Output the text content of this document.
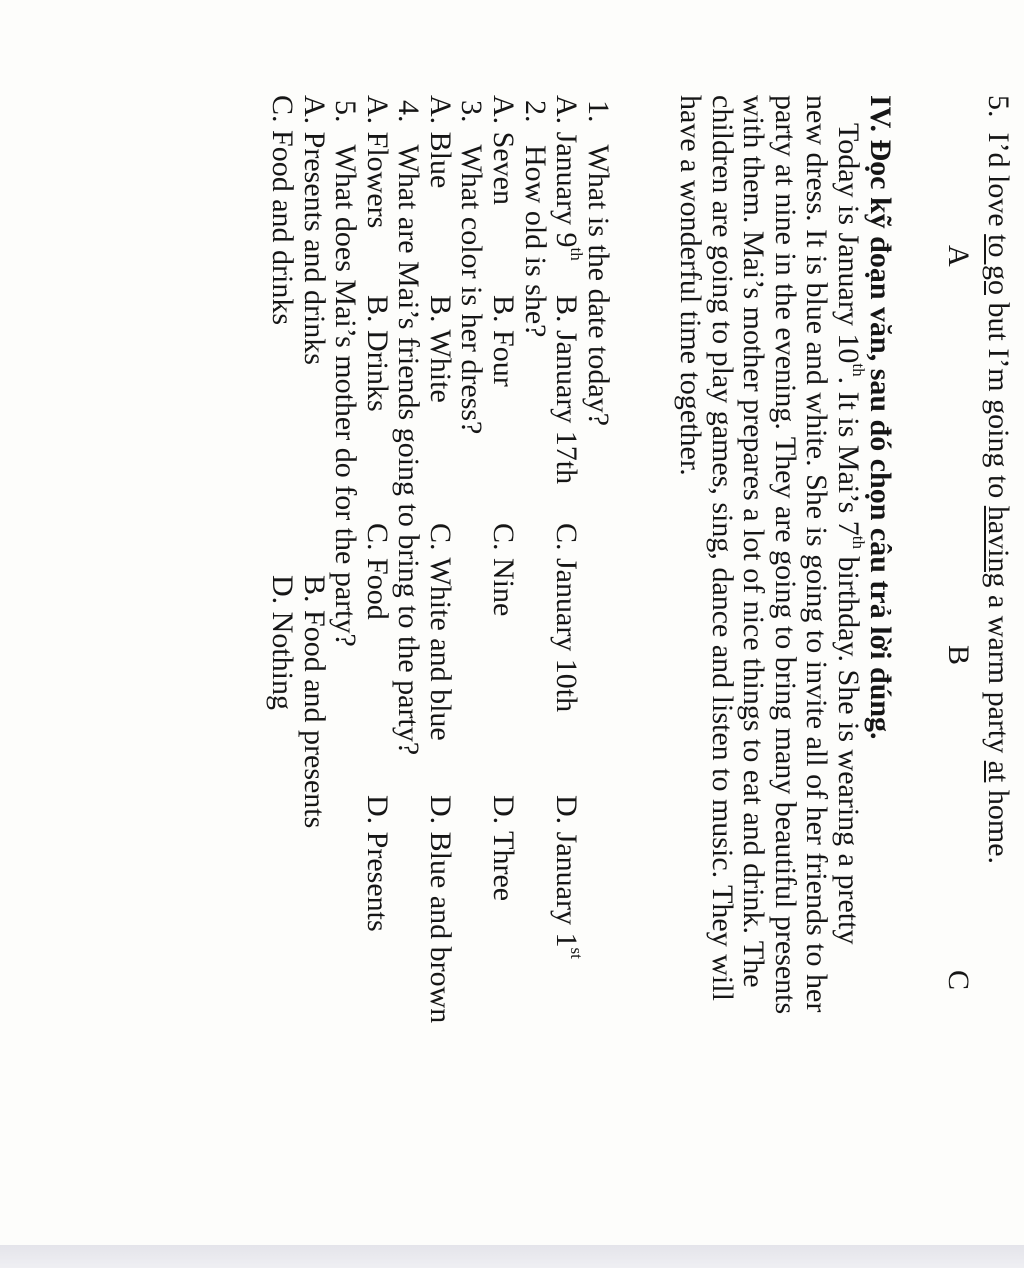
5.  I’d love to go but I’m going to having a warm party at home.
A
B
C
IV. Đọc kỹ đoạn văn, sau đó chọn câu trả lời đúng.
Today is January 10th. It is Mai’s 7th birthday. She is wearing a pretty
new dress. It is blue and white. She is going to invite all of her friends to her
party at nine in the evening. They are going to bring many beautiful presents
with them. Mai’s mother prepares a lot of nice things to eat and drink. The
children are going to play games, sing, dance and listen to music. They will
have a wonderful time together.
1.   What is the date today?
A. January 9th
B. January 17th
C. January 10th
D. January 1st
2.   How old is she?
A. Seven
B. Four
C. Nine
D. Three
3.   What color is her dress?
A. Blue
B. White
C. White and blue
D. Blue and brown
4.   What are Mai’s friends going to bring to the party?
A. Flowers
B. Drinks
C. Food
D. Presents
5.   What does Mai’s mother do for the party?
A. Presents and drinks
B. Food and presents
C. Food and drinks
D. Nothing
